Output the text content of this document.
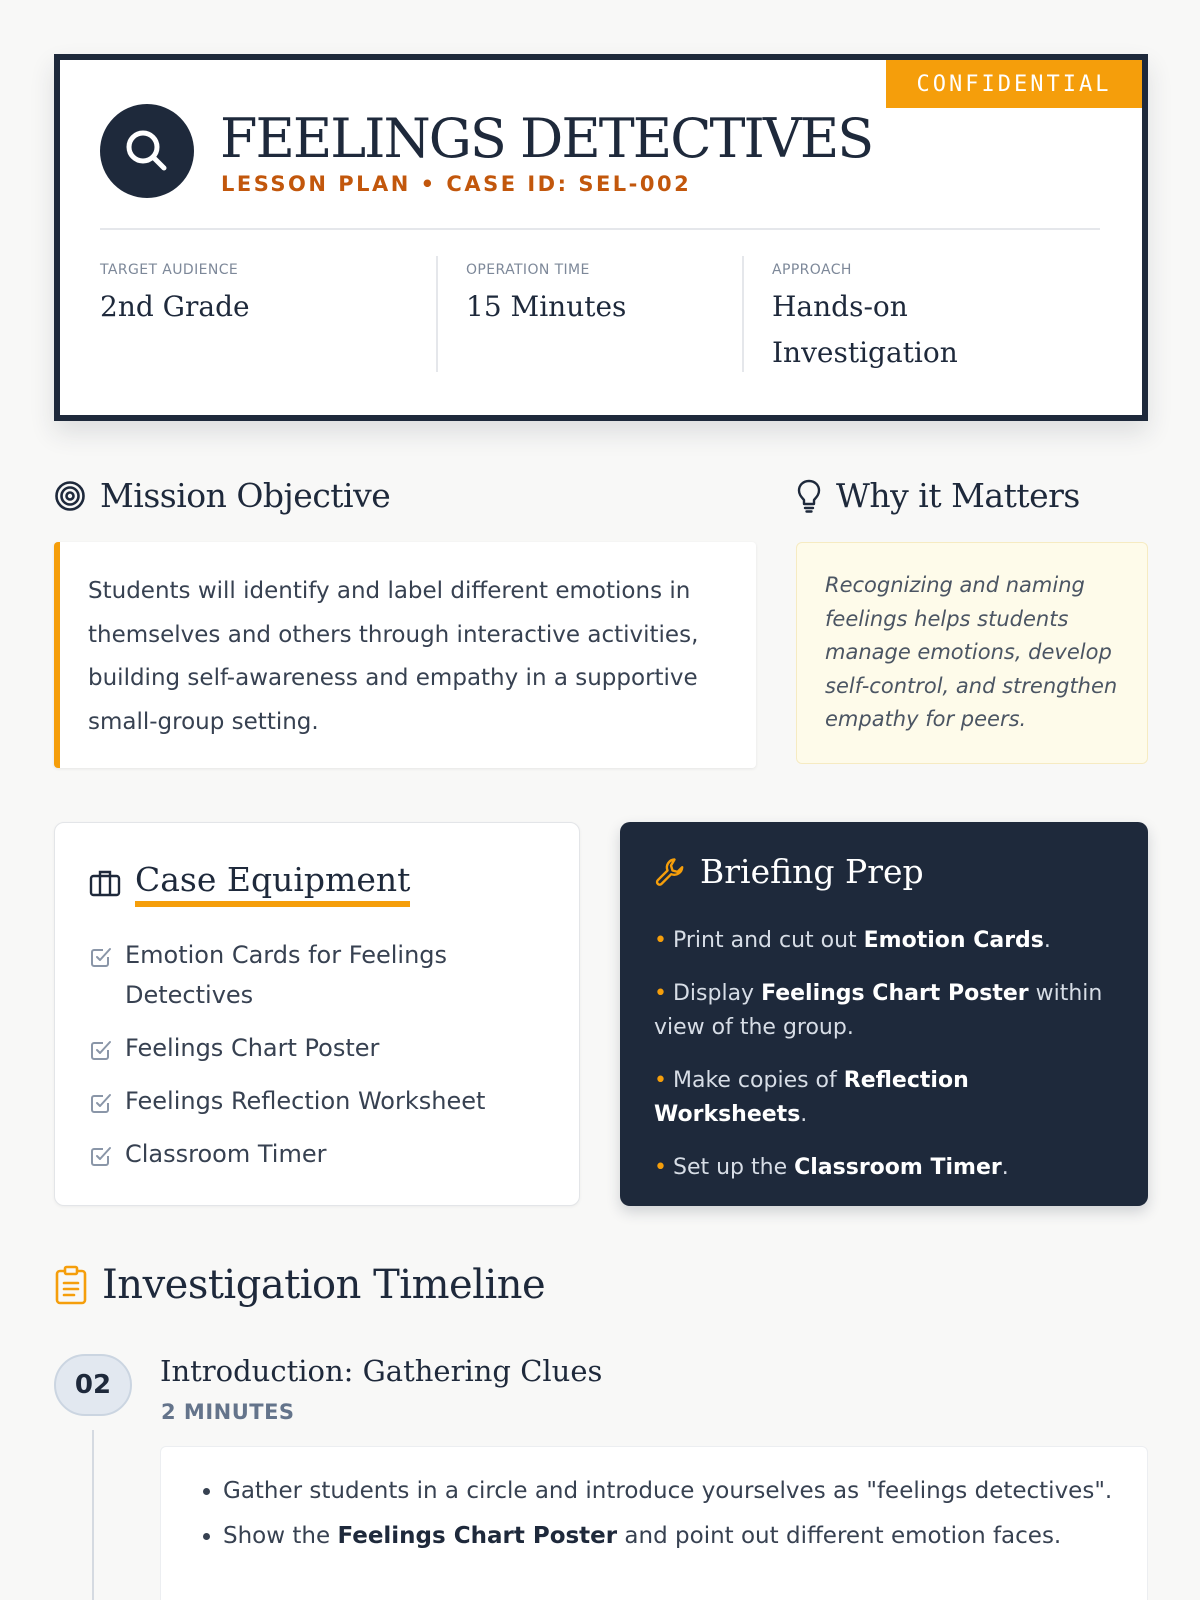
CONFIDENTIAL
FEELINGS DETECTIVES
LESSON PLAN • CASE ID: SEL-002
TARGET AUDIENCE
2nd Grade
OPERATION TIME
15 Minutes
APPROACH
Hands-on Investigation
Mission Objective
Students will identify and label different emotions in themselves and others through interactive activities, building self-awareness and empathy in a supportive small-group setting.
Why it Matters
Recognizing and naming feelings helps students manage emotions, develop self-control, and strengthen empathy for peers.
Case Equipment
Emotion Cards for Feelings Detectives
Feelings Chart Poster
Feelings Reflection Worksheet
Classroom Timer
Briefing Prep
• Print and cut out Emotion Cards.
• Display Feelings Chart Poster within view of the group.
• Make copies of Reflection Worksheets.
• Set up the Classroom Timer.
Investigation Timeline
02	Introduction: Gathering Clues
2 MINUTES
• Gather students in a circle and introduce yourselves as "feelings detectives".
• Show the Feelings Chart Poster and point out different emotion faces.
